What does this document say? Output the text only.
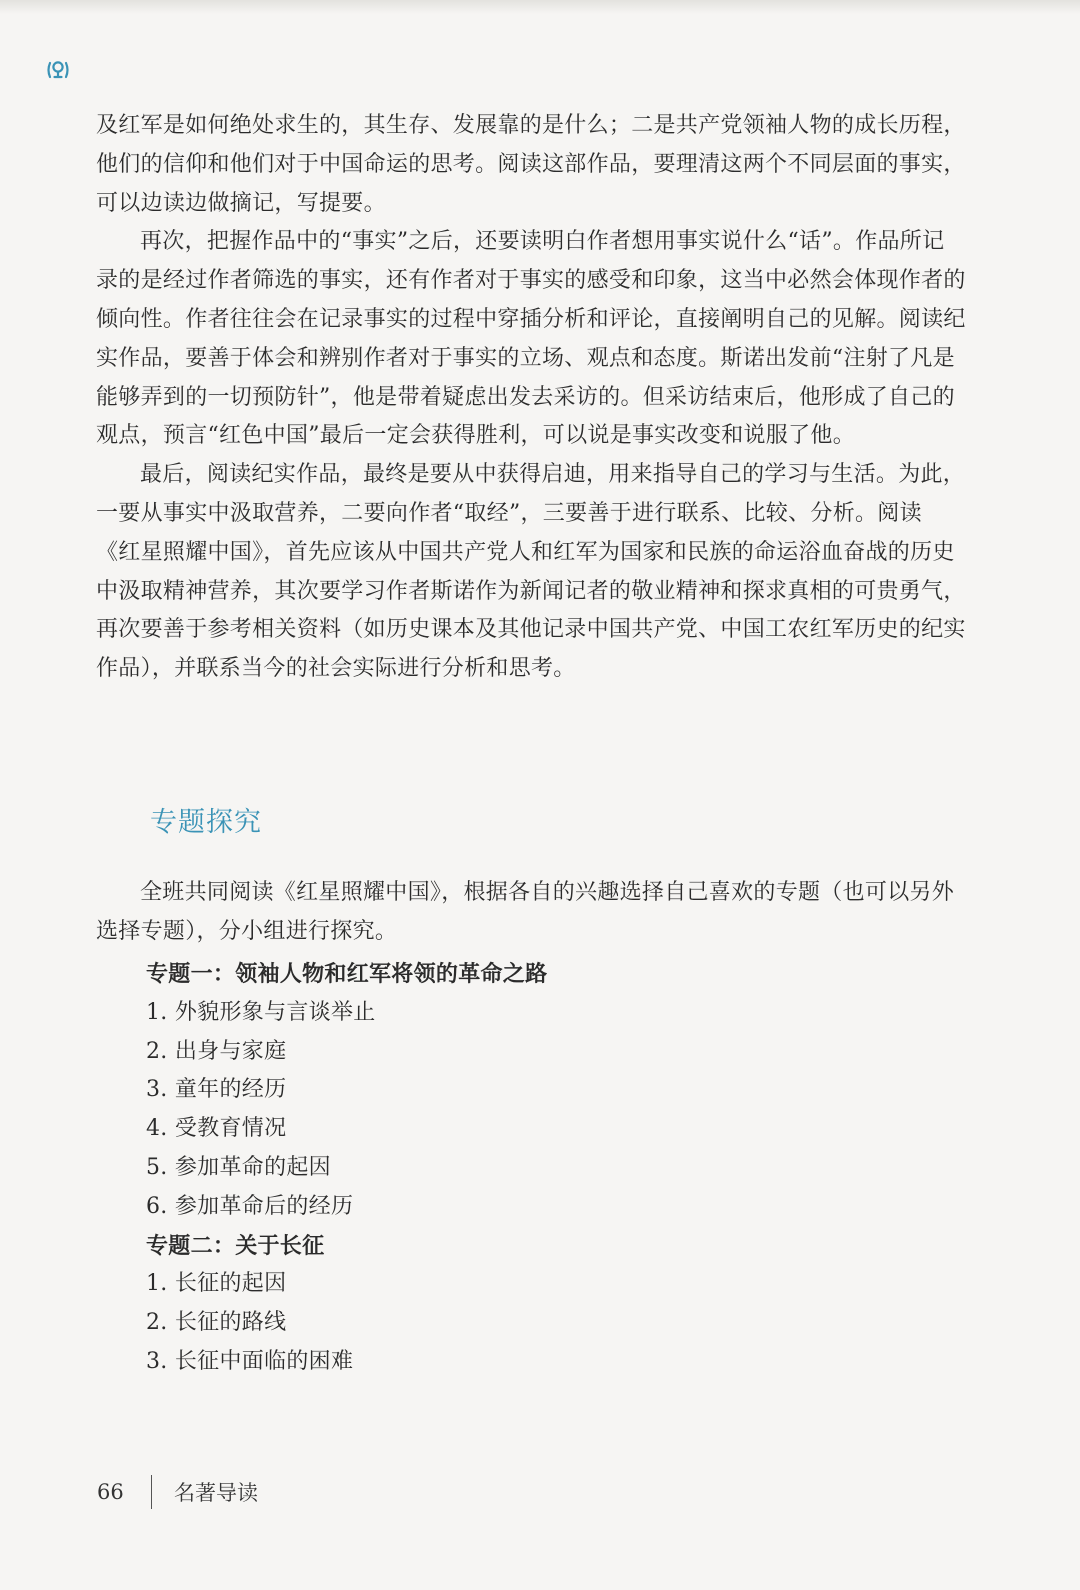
及红军是如何绝处求生的，其生存、发展靠的是什么；二是共产党领袖人物的成长历程，他们的信仰和他们对于中国命运的思考。阅读这部作品，要理清这两个不同层面的事实，可以边读边做摘记，写提要。

再次，把握作品中的“事实”之后，还要读明白作者想用事实说什么“话”。作品所记录的是经过作者筛选的事实，还有作者对于事实的感受和印象，这当中必然会体现作者的倾向性。作者往往会在记录事实的过程中穿插分析和评论，直接阐明自己的见解。阅读纪实作品，要善于体会和辨别作者对于事实的立场、观点和态度。斯诺出发前“注射了凡是能够弄到的一切预防针”，他是带着疑虑出发去采访的。但采访结束后，他形成了自己的观点，预言“红色中国”最后一定会获得胜利，可以说是事实改变和说服了他。

最后，阅读纪实作品，最终是要从中获得启迪，用来指导自己的学习与生活。为此，一要从事实中汲取营养，二要向作者“取经”，三要善于进行联系、比较、分析。阅读《红星照耀中国》，首先应该从中国共产党人和红军为国家和民族的命运浴血奋战的历史中汲取精神营养，其次要学习作者斯诺作为新闻记者的敬业精神和探求真相的可贵勇气，再次要善于参考相关资料（如历史课本及其他记录中国共产党、中国工农红军历史的纪实作品），并联系当今的社会实际进行分析和思考。

专题探究

全班共同阅读《红星照耀中国》，根据各自的兴趣选择自己喜欢的专题（也可以另外选择专题），分小组进行探究。

专题一：领袖人物和红军将领的革命之路

1. 外貌形象与言谈举止

2. 出身与家庭

3. 童年的经历

4. 受教育情况

5. 参加革命的起因

6. 参加革命后的经历

专题二：关于长征

1. 长征的起因

2. 长征的路线

3. 长征中面临的困难

66	名著导读
